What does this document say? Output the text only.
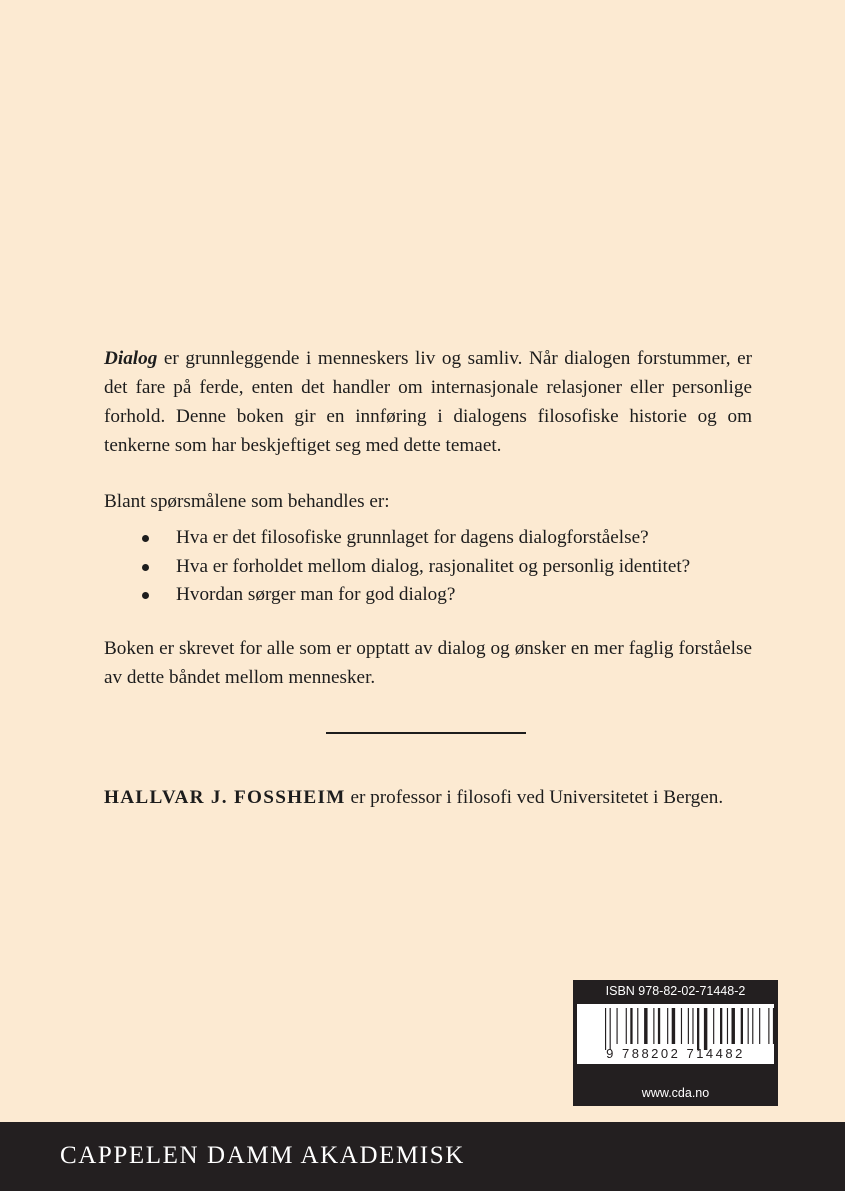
Dialog er grunnleggende i menneskers liv og samliv. Når dialogen forstummer, er det fare på ferde, enten det handler om internasjonale relasjoner eller personlige forhold. Denne boken gir en innføring i dialogens filosofiske historie og om tenkerne som har beskjeftiget seg med dette temaet.

Blant spørsmålene som behandles er:

Hva er det filosofiske grunnlaget for dagens dialogforståelse?
Hva er forholdet mellom dialog, rasjonalitet og personlig identitet?
Hvordan sørger man for god dialog?

Boken er skrevet for alle som er opptatt av dialog og ønsker en mer faglig forståelse av dette båndet mellom mennesker.

HALLVAR J. FOSSHEIM er professor i filosofi ved Universitetet i Bergen.
ISBN 978-82-02-71448-2
9 788202 714482
www.cda.no
CAPPELEN DAMM AKADEMISK
